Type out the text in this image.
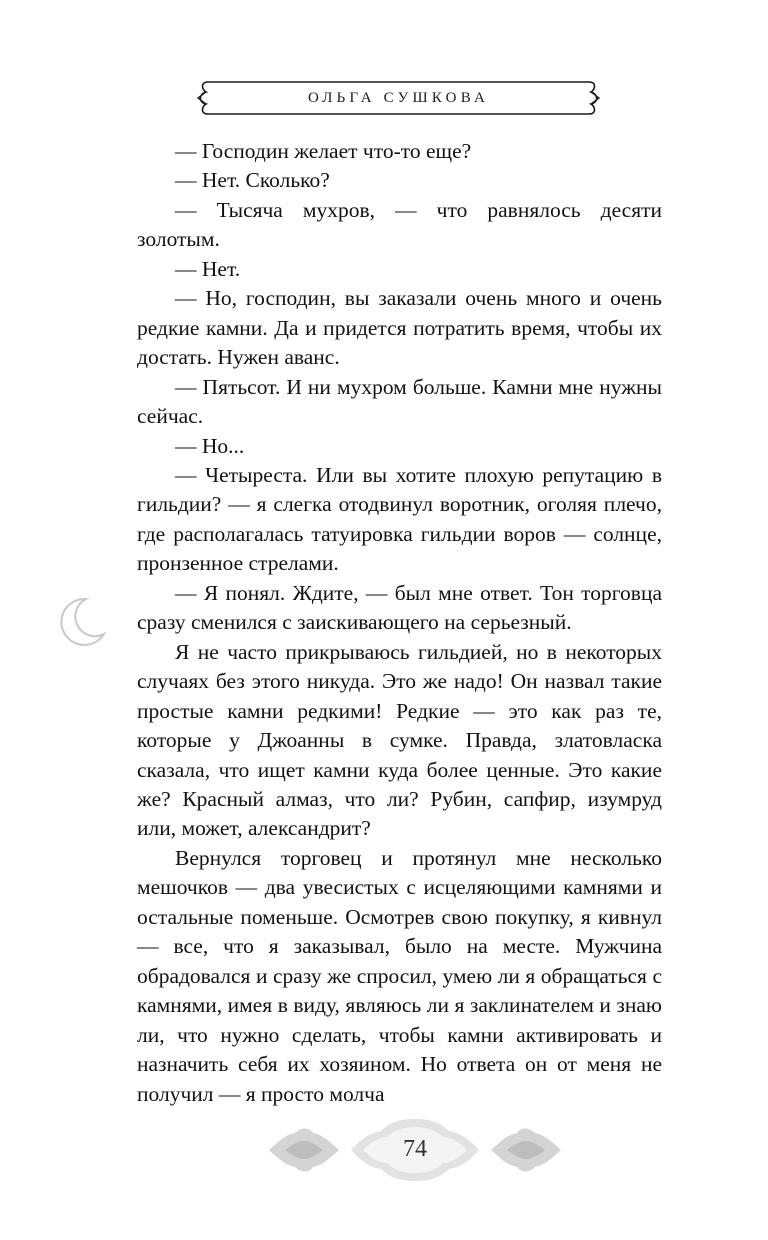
ОЛЬГА СУШКОВА

— Господин желает что-то еще?

— Нет. Сколько?

— Тысяча мухров, — что равнялось десяти золотым.

— Нет.

— Но, господин, вы заказали очень много и очень редкие камни. Да и придется потратить время, чтобы их достать. Нужен аванс.

— Пятьсот. И ни мухром больше. Камни мне нужны сейчас.

— Но...

— Четыреста. Или вы хотите плохую репутацию в гильдии? — я слегка отодвинул воротник, оголяя плечо, где располагалась татуировка гильдии воров — солнце, пронзенное стрелами.

— Я понял. Ждите, — был мне ответ. Тон торговца сразу сменился с заискивающего на серьезный.

Я не часто прикрываюсь гильдией, но в некоторых случаях без этого никуда. Это же надо! Он назвал такие простые камни редкими! Редкие — это как раз те, которые у Джоанны в сумке. Правда, златовласка сказала, что ищет камни куда более ценные. Это какие же? Красный алмаз, что ли? Рубин, сапфир, изумруд или, может, александрит?

Вернулся торговец и протянул мне несколько мешочков — два увесистых с исцеляющими камнями и остальные поменьше. Осмотрев свою покупку, я кивнул — все, что я заказывал, было на месте. Мужчина обрадовался и сразу же спросил, умею ли я обращаться с камнями, имея в виду, являюсь ли я заклинателем и знаю ли, что нужно сделать, чтобы камни активировать и назначить себя их хозяином. Но ответа он от меня не получил — я просто молча

74
